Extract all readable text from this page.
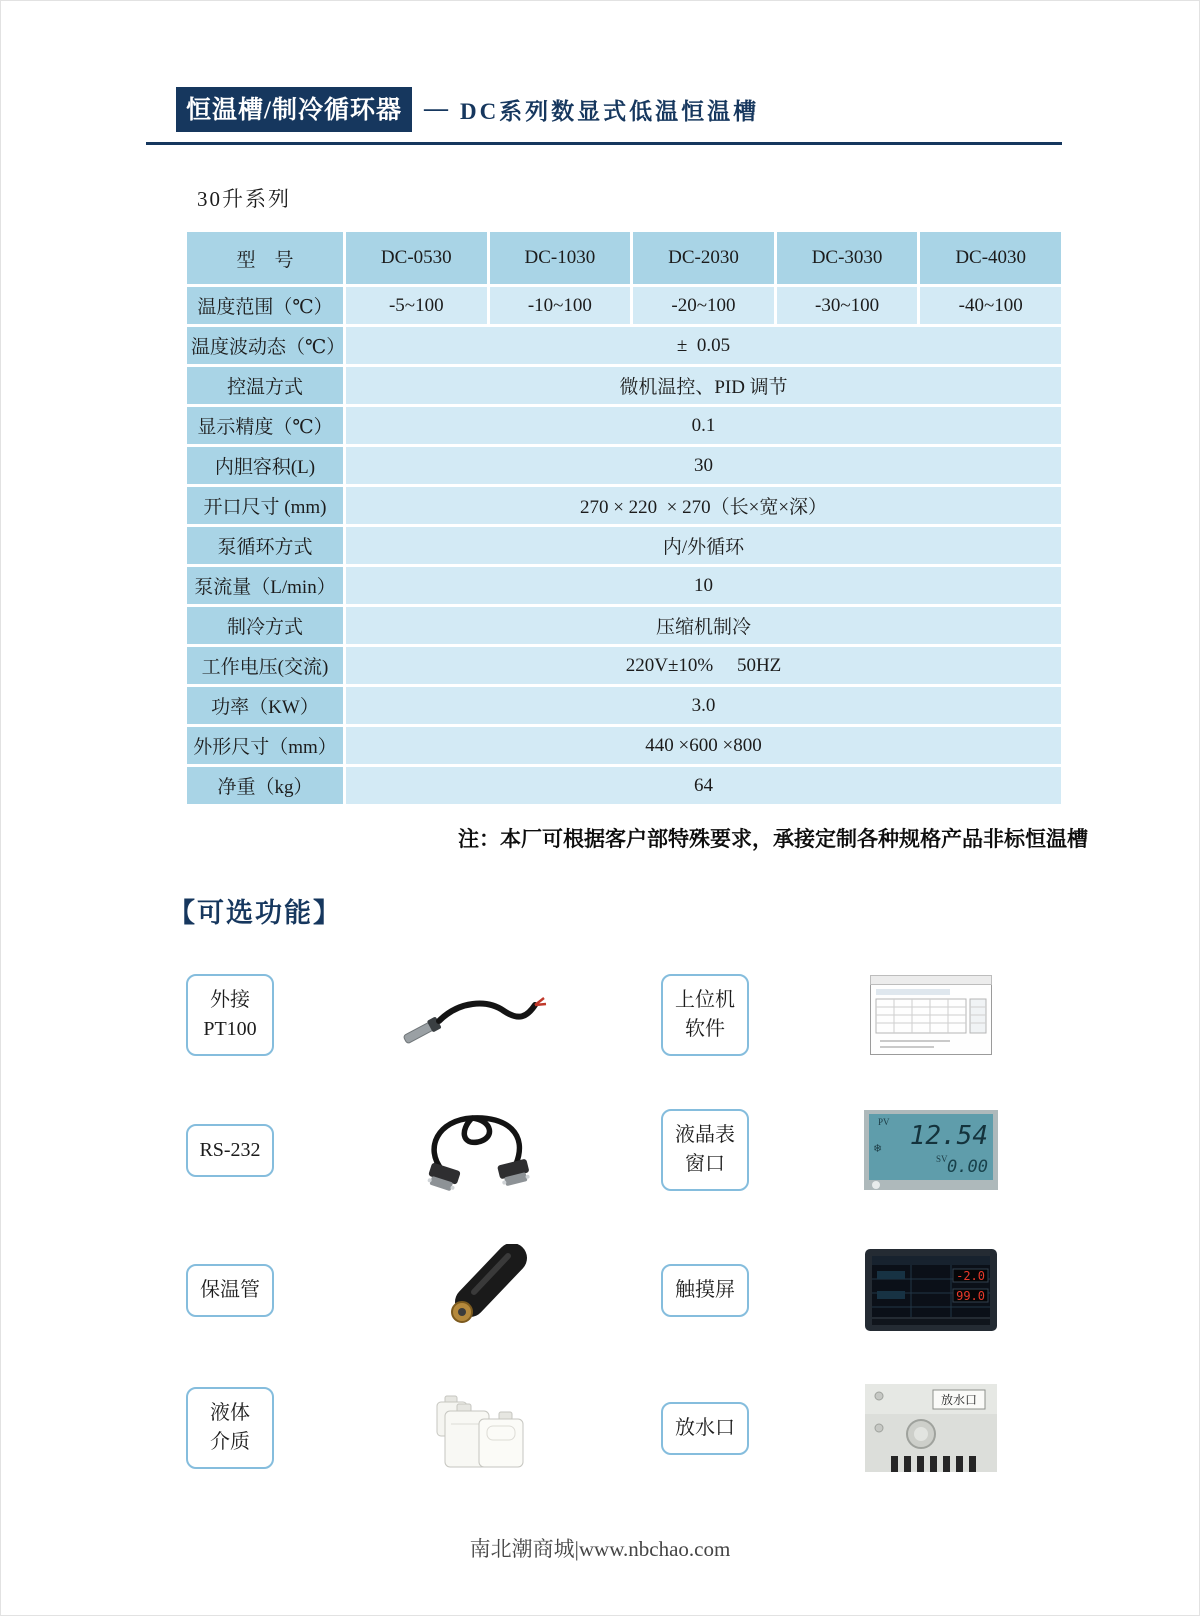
恒温槽/制冷循环器 — DC系列数显式低温恒温槽
30升系列
型    号	DC-0530	DC-1030	DC-2030	DC-3030	DC-4030
温度范围（℃）	-5~100	-10~100	-20~100	-30~100	-40~100
温度波动态（℃）	±  0.05				
控温方式	微机温控、PID 调节				
显示精度（℃）	0.1				
内胆容积(L)	30				
开口尺寸 (mm)	270 × 220  × 270（长×宽×深）				
泵循环方式	内/外循环				
泵流量（L/min）	10				
制冷方式	压缩机制冷				
工作电压(交流)	220V±10%     50HZ				
功率（KW）	3.0				
外形尺寸（mm）	440 ×600 ×800				
净重（kg）	64				
注：本厂可根据客户部特殊要求，承接定制各种规格产品非标恒温槽
【可选功能】
外接
PT100
上位机
软件
RS-232
液晶表
窗口
PV 12.54
SV 0.00
❄
保温管	触摸屏
-2.0
99.0
液体
介质
放水口
放水口
南北潮商城|www.nbchao.com
